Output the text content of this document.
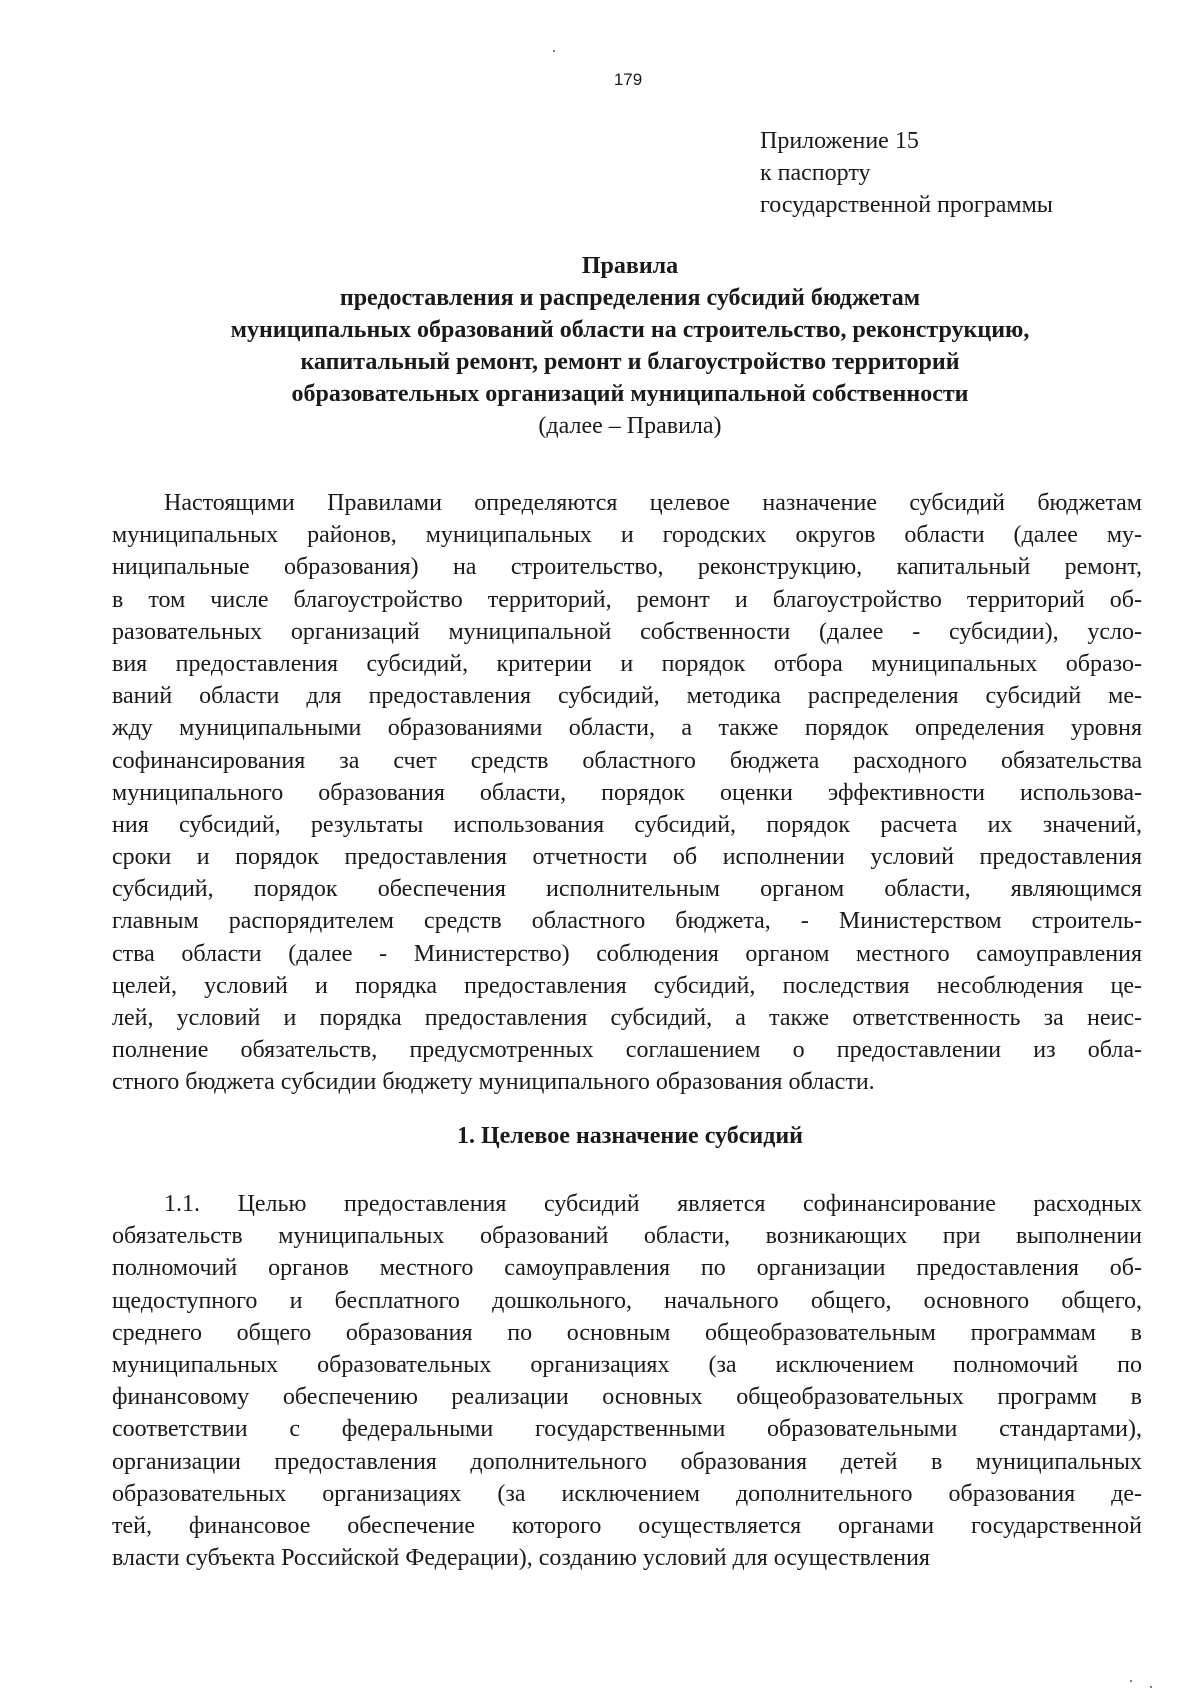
179
Приложение 15
к паспорту
государственной программы
Правила
предоставления и распределения субсидий бюджетам
муниципальных образований области на строительство, реконструкцию,
капитальный ремонт, ремонт и благоустройство территорий
образовательных организаций муниципальной собственности
(далее – Правила)
Настоящими Правилами определяются целевое назначение субсидий бюджетам
муниципальных районов, муниципальных и городских округов области (далее му-
ниципальные образования) на строительство, реконструкцию, капитальный ремонт,
в том числе благоустройство территорий, ремонт и благоустройство территорий об-
разовательных организаций муниципальной собственности (далее - субсидии), усло-
вия предоставления субсидий, критерии и порядок отбора муниципальных образо-
ваний области для предоставления субсидий, методика распределения субсидий ме-
жду муниципальными образованиями области, а также порядок определения уровня
софинансирования за счет средств областного бюджета расходного обязательства
муниципального образования области, порядок оценки эффективности использова-
ния субсидий, результаты использования субсидий, порядок расчета их значений,
сроки и порядок предоставления отчетности об исполнении условий предоставления
субсидий, порядок обеспечения исполнительным органом области, являющимся
главным распорядителем средств областного бюджета, - Министерством строитель-
ства области (далее - Министерство) соблюдения органом местного самоуправления
целей, условий и порядка предоставления субсидий, последствия несоблюдения це-
лей, условий и порядка предоставления субсидий, а также ответственность за неис-
полнение обязательств, предусмотренных соглашением о предоставлении из обла-
стного бюджета субсидии бюджету муниципального образования области.
1. Целевое назначение субсидий
1.1. Целью предоставления субсидий является софинансирование расходных
обязательств муниципальных образований области, возникающих при выполнении
полномочий органов местного самоуправления по организации предоставления об-
щедоступного и бесплатного дошкольного, начального общего, основного общего,
среднего общего образования по основным общеобразовательным программам в
муниципальных образовательных организациях (за исключением полномочий по
финансовому обеспечению реализации основных общеобразовательных программ в
соответствии с федеральными государственными образовательными стандартами),
организации предоставления дополнительного образования детей в муниципальных
образовательных организациях (за исключением дополнительного образования де-
тей, финансовое обеспечение которого осуществляется органами государственной
власти субъекта Российской Федерации), созданию условий для осуществления
